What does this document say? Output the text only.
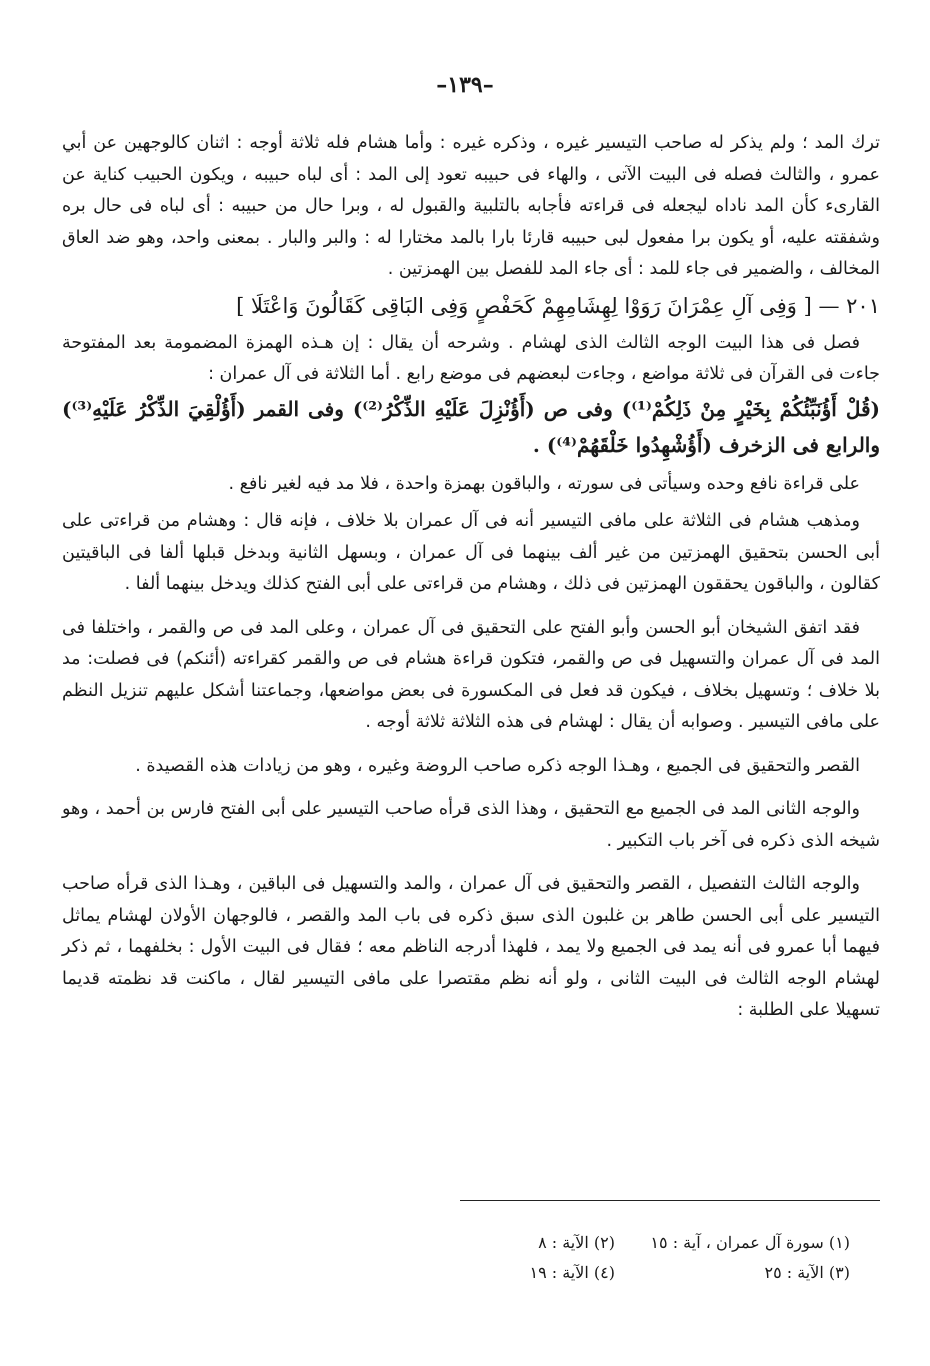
–١٣٩–

ترك المد ؛ ولم يذكر له صاحب التيسير غيره ، وذكره غيره : وأما هشام فله ثلاثة أوجه : اثنان كالوجهين عن أبي عمرو ، والثالث فصله فى البيت الآتى ، والهاء فى حبيبه تعود إلى المد : أى لباه حبيبه ، ويكون الحبيب كناية عن القارىء كأن المد ناداه ليجعله فى قراءته فأجابه بالتلبية والقبول له ، وبرا حال من حبيبه : أى لباه فى حال بره وشفقته عليه، أو يكون برا مفعول لبى حبيبه قارئا بارا بالمد مختارا له : والبر والبار . بمعنى واحد، وهو ضد العاق المخالف ، والضمير فى جاء للمد : أى جاء المد للفصل بين الهمزتين .

٢٠١ — [ وَفِى آلِ عِمْرَانَ رَوَوْا لِهِشَامِهِمْ كَحَفْصٍ وَفِى البَاقِى كَقَالُونَ وَاعْتَلَا ]

فصل فى هذا البيت الوجه الثالث الذى لهشام . وشرحه أن يقال : إن هـذه الهمزة المضمومة بعد المفتوحة جاءت فى القرآن فى ثلاثة مواضع ، وجاءت لبعضهم فى موضع رابع . أما الثلاثة فى آل عمران :

(قُلْ أَؤُنَبِّئُكُمْ بِخَيْرٍ مِنْ ذَلِكُمْ⁽¹⁾) وفى ص (أَؤُنْزِلَ عَلَيْهِ الذِّكْرُ⁽²⁾) وفى القمر (أَؤُلْقِيَ الذِّكْرُ عَلَيْهِ⁽³⁾) والرابع فى الزخرف (أَؤُشْهِدُوا خَلْقَهُمْ⁽⁴⁾) .

على قراءة نافع وحده وسيأتى فى سورته ، والباقون بهمزة واحدة ، فلا مد فيه لغير نافع .

ومذهب هشام فى الثلاثة على مافى التيسير أنه فى آل عمران بلا خلاف ، فإنه قال : وهشام من قراءتى على أبى الحسن بتحقيق الهمزتين من غير ألف بينهما فى آل عمران ، وبسهل الثانية وبدخل قبلها ألفا فى الباقيتين كقالون ، والباقون يحققون الهمزتين فى ذلك ، وهشام من قراءتى على أبى الفتح كذلك ويدخل بينهما ألفا .

فقد اتفق الشيخان أبو الحسن وأبو الفتح على التحقيق فى آل عمران ، وعلى المد فى ص والقمر ، واختلفا فى المد فى آل عمران والتسهيل فى ص والقمر، فتكون قراءة هشام فى ص والقمر كقراءته (أئنكم) فى فصلت: مد بلا خلاف ؛ وتسهيل بخلاف ، فيكون قد فعل فى المكسورة فى بعض مواضعها، وجماعتنا أشكل عليهم تنزيل النظم على مافى التيسير . وصوابه أن يقال : لهشام فى هذه الثلاثة ثلاثة أوجه .

القصر والتحقيق فى الجميع ، وهـذا الوجه ذكره صاحب الروضة وغيره ، وهو من زيادات هذه القصيدة .

والوجه الثانى المد فى الجميع مع التحقيق ، وهذا الذى قرأه صاحب التيسير على أبى الفتح فارس بن أحمد ، وهو شيخه الذى ذكره فى آخر باب التكبير .

والوجه الثالث التفصيل ، القصر والتحقيق فى آل عمران ، والمد والتسهيل فى الباقين ، وهـذا الذى قرأه صاحب التيسير على أبى الحسن طاهر بن غلبون الذى سبق ذكره فى باب المد والقصر ، فالوجهان الأولان لهشام يماثل فيهما أبا عمرو فى أنه يمد فى الجميع ولا يمد ، فلهذا أدرجه الناظم معه ؛ فقال فى البيت الأول : بخلفهما ، ثم ذكر لهشام الوجه الثالث فى البيت الثانى ، ولو أنه نظم مقتصرا على مافى التيسير لقال ، ماكنت قد نظمته قديما تسهيلا على الطلبة :

(١) سورة آل عمران ، آية : ١٥
(٢) الآية : ٨
(٣) الآية : ٢٥
(٤) الآية : ١٩
